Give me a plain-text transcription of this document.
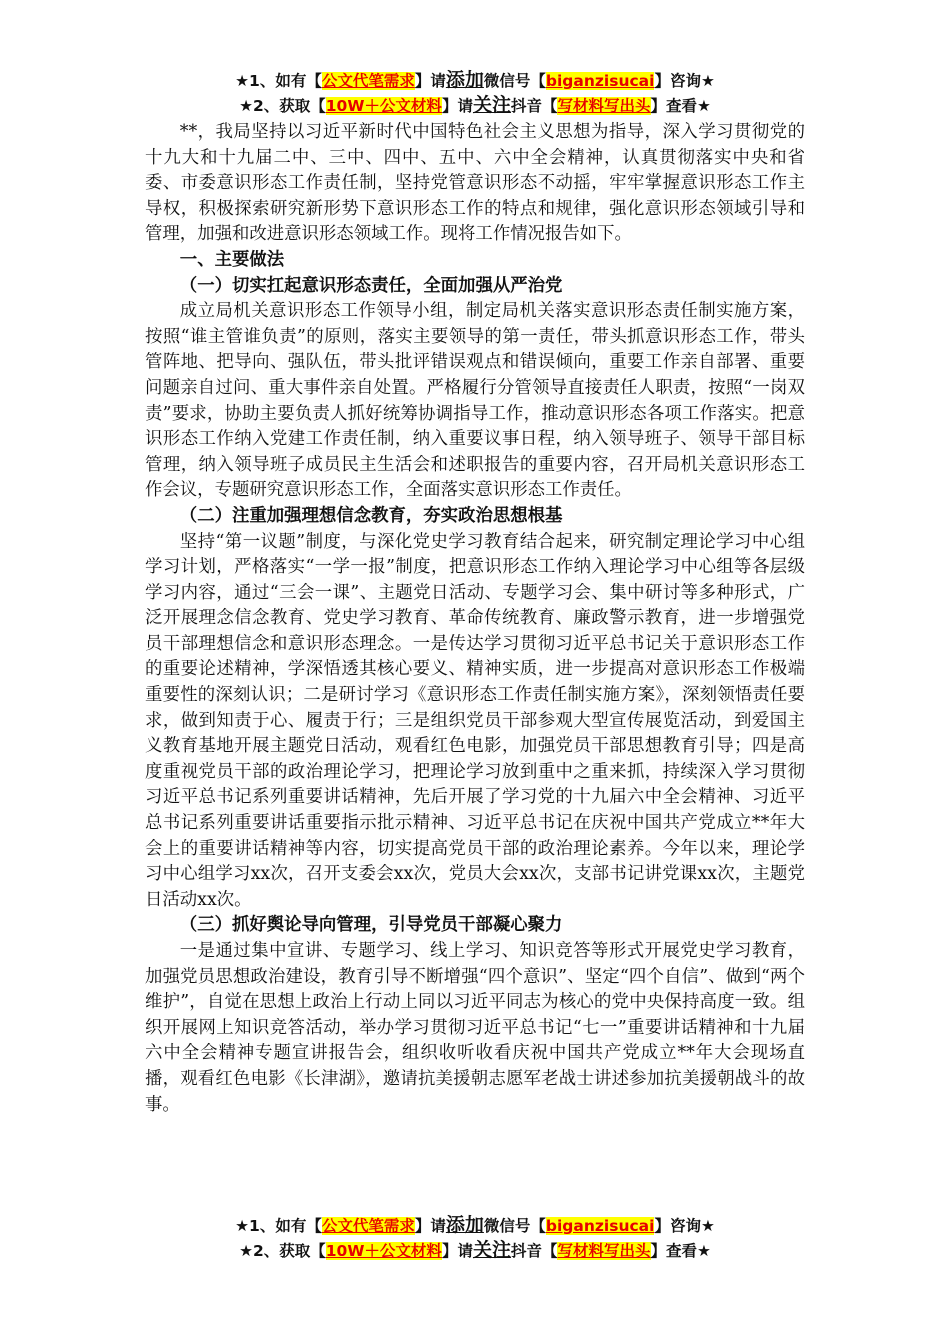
★1、如有【公文代笔需求】请添加微信号【biganzisucai】咨询★
★2、获取【10W＋公文材料】请关注抖音【写材料写出头】查看★

**，我局坚持以习近平新时代中国特色社会主义思想为指导，深入学习贯彻党的十九大和十九届二中、三中、四中、五中、六中全会精神，认真贯彻落实中央和省委、市委意识形态工作责任制，坚持党管意识形态不动摇，牢牢掌握意识形态工作主导权，积极探索研究新形势下意识形态工作的特点和规律，强化意识形态领域引导和管理，加强和改进意识形态领域工作。现将工作情况报告如下。

一、主要做法
（一）切实扛起意识形态责任，全面加强从严治党

成立局机关意识形态工作领导小组，制定局机关落实意识形态责任制实施方案，按照“谁主管谁负责”的原则，落实主要领导的第一责任，带头抓意识形态工作，带头管阵地、把导向、强队伍，带头批评错误观点和错误倾向，重要工作亲自部署、重要问题亲自过问、重大事件亲自处置。严格履行分管领导直接责任人职责，按照“一岗双责”要求，协助主要负责人抓好统筹协调指导工作，推动意识形态各项工作落实。把意识形态工作纳入党建工作责任制，纳入重要议事日程，纳入领导班子、领导干部目标管理，纳入领导班子成员民主生活会和述职报告的重要内容，召开局机关意识形态工作会议，专题研究意识形态工作，全面落实意识形态工作责任。

（二）注重加强理想信念教育，夯实政治思想根基

坚持“第一议题”制度，与深化党史学习教育结合起来，研究制定理论学习中心组学习计划，严格落实“一学一报”制度，把意识形态工作纳入理论学习中心组等各层级学习内容，通过“三会一课”、主题党日活动、专题学习会、集中研讨等多种形式，广泛开展理念信念教育、党史学习教育、革命传统教育、廉政警示教育，进一步增强党员干部理想信念和意识形态理念。一是传达学习贯彻习近平总书记关于意识形态工作的重要论述精神，学深悟透其核心要义、精神实质，进一步提高对意识形态工作极端重要性的深刻认识；二是研讨学习《意识形态工作责任制实施方案》，深刻领悟责任要求，做到知责于心、履责于行；三是组织党员干部参观大型宣传展览活动，到爱国主义教育基地开展主题党日活动，观看红色电影，加强党员干部思想教育引导；四是高度重视党员干部的政治理论学习，把理论学习放到重中之重来抓，持续深入学习贯彻习近平总书记系列重要讲话精神，先后开展了学习党的十九届六中全会精神、习近平总书记系列重要讲话重要指示批示精神、习近平总书记在庆祝中国共产党成立**年大会上的重要讲话精神等内容，切实提高党员干部的政治理论素养。今年以来，理论学习中心组学习xx次，召开支委会xx次，党员大会xx次，支部书记讲党课xx次，主题党日活动xx次。

（三）抓好舆论导向管理，引导党员干部凝心聚力

一是通过集中宣讲、专题学习、线上学习、知识竞答等形式开展党史学习教育，加强党员思想政治建设，教育引导不断增强“四个意识”、坚定“四个自信”、做到“两个维护”，自觉在思想上政治上行动上同以习近平同志为核心的党中央保持高度一致。组织开展网上知识竞答活动，举办学习贯彻习近平总书记“七一”重要讲话精神和十九届六中全会精神专题宣讲报告会，组织收听收看庆祝中国共产党成立**年大会现场直播，观看红色电影《长津湖》，邀请抗美援朝志愿军老战士讲述参加抗美援朝战斗的故事。

★1、如有【公文代笔需求】请添加微信号【biganzisucai】咨询★
★2、获取【10W＋公文材料】请关注抖音【写材料写出头】查看★
